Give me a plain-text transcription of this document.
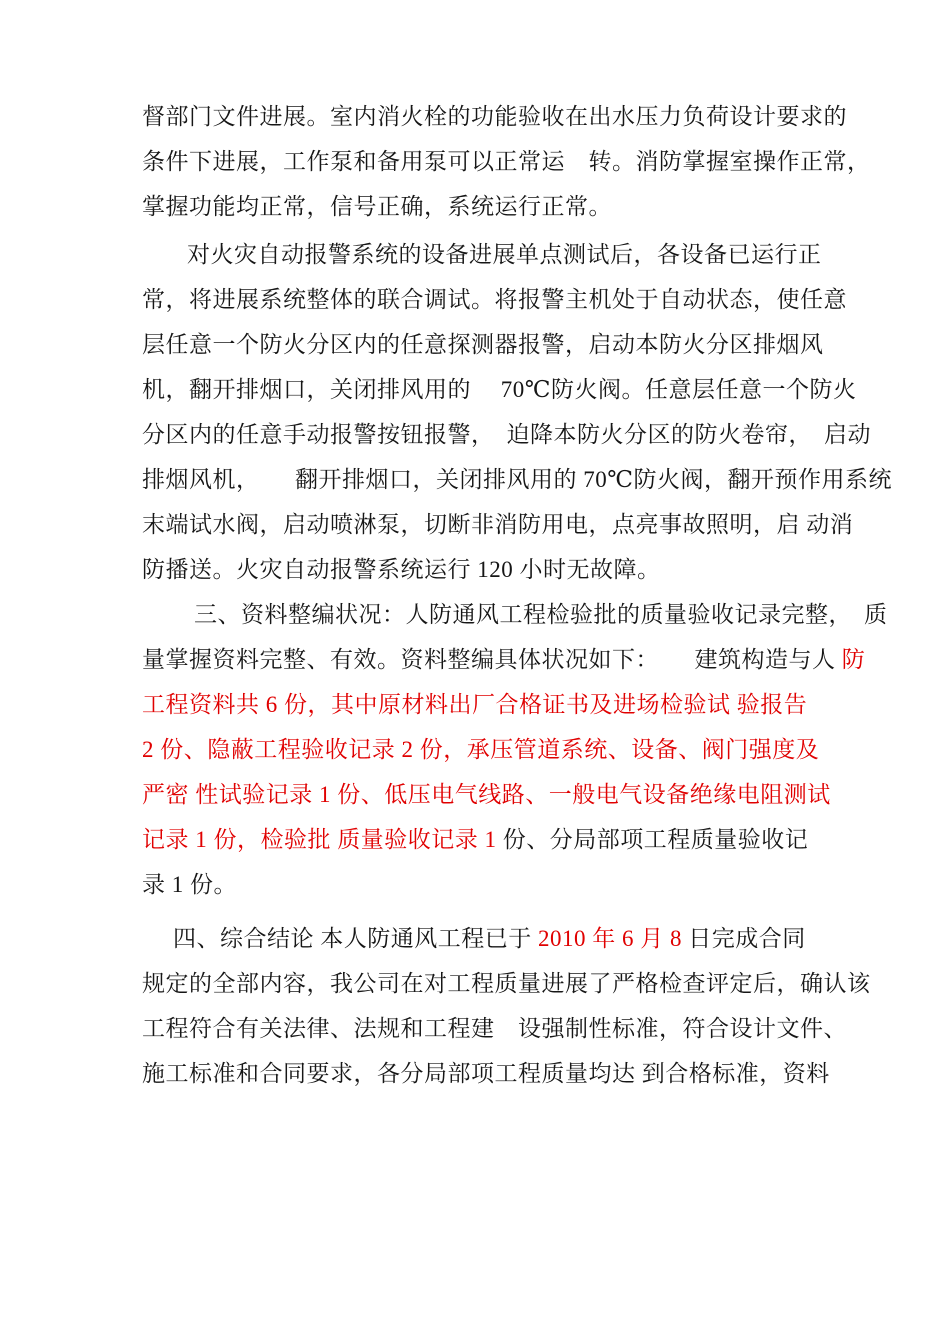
督部门文件进展。室内消火栓的功能验收在出水压力负荷设计要求的
条件下进展，工作泵和备用泵可以正常运　转。消防掌握室操作正常，
掌握功能均正常，信号正确，系统运行正常。
对火灾自动报警系统的设备进展单点测试后，各设备已运行正
常，将进展系统整体的联合调试。将报警主机处于自动状态，使任意
层任意一个防火分区内的任意探测器报警，启动本防火分区排烟风
机，翻开排烟口，关闭排风用的　 70℃防火阀。任意层任意一个防火
分区内的任意手动报警按钮报警，　迫降本防火分区的防火卷帘，　启动
排烟风机，　　翻开排烟口，关闭排风用的 70℃防火阀，翻开预作用系统
末端试水阀，启动喷淋泵，切断非消防用电，点亮事故照明，启 动消
防播送。火灾自动报警系统运行 120 小时无故障。
三、资料整编状况：人防通风工程检验批的质量验收记录完整，　质
量掌握资料完整、有效。资料整编具体状况如下：　　建筑构造与人 防
工程资料共 6 份，其中原材料出厂合格证书及进场检验试 验报告
2 份、隐蔽工程验收记录 2 份，承压管道系统、设备、阀门强度及
严密 性试验记录 1 份、低压电气线路、一般电气设备绝缘电阻测试
记录 1 份，检验批 质量验收记录 1 份、分局部项工程质量验收记
录 1 份。
四、综合结论 本人防通风工程已于 2010 年 6 月 8 日完成合同
规定的全部内容，我公司在对工程质量进展了严格检查评定后，确认该
工程符合有关法律、法规和工程建　设强制性标准，符合设计文件、
施工标准和合同要求，各分局部项工程质量均达 到合格标准，资料
